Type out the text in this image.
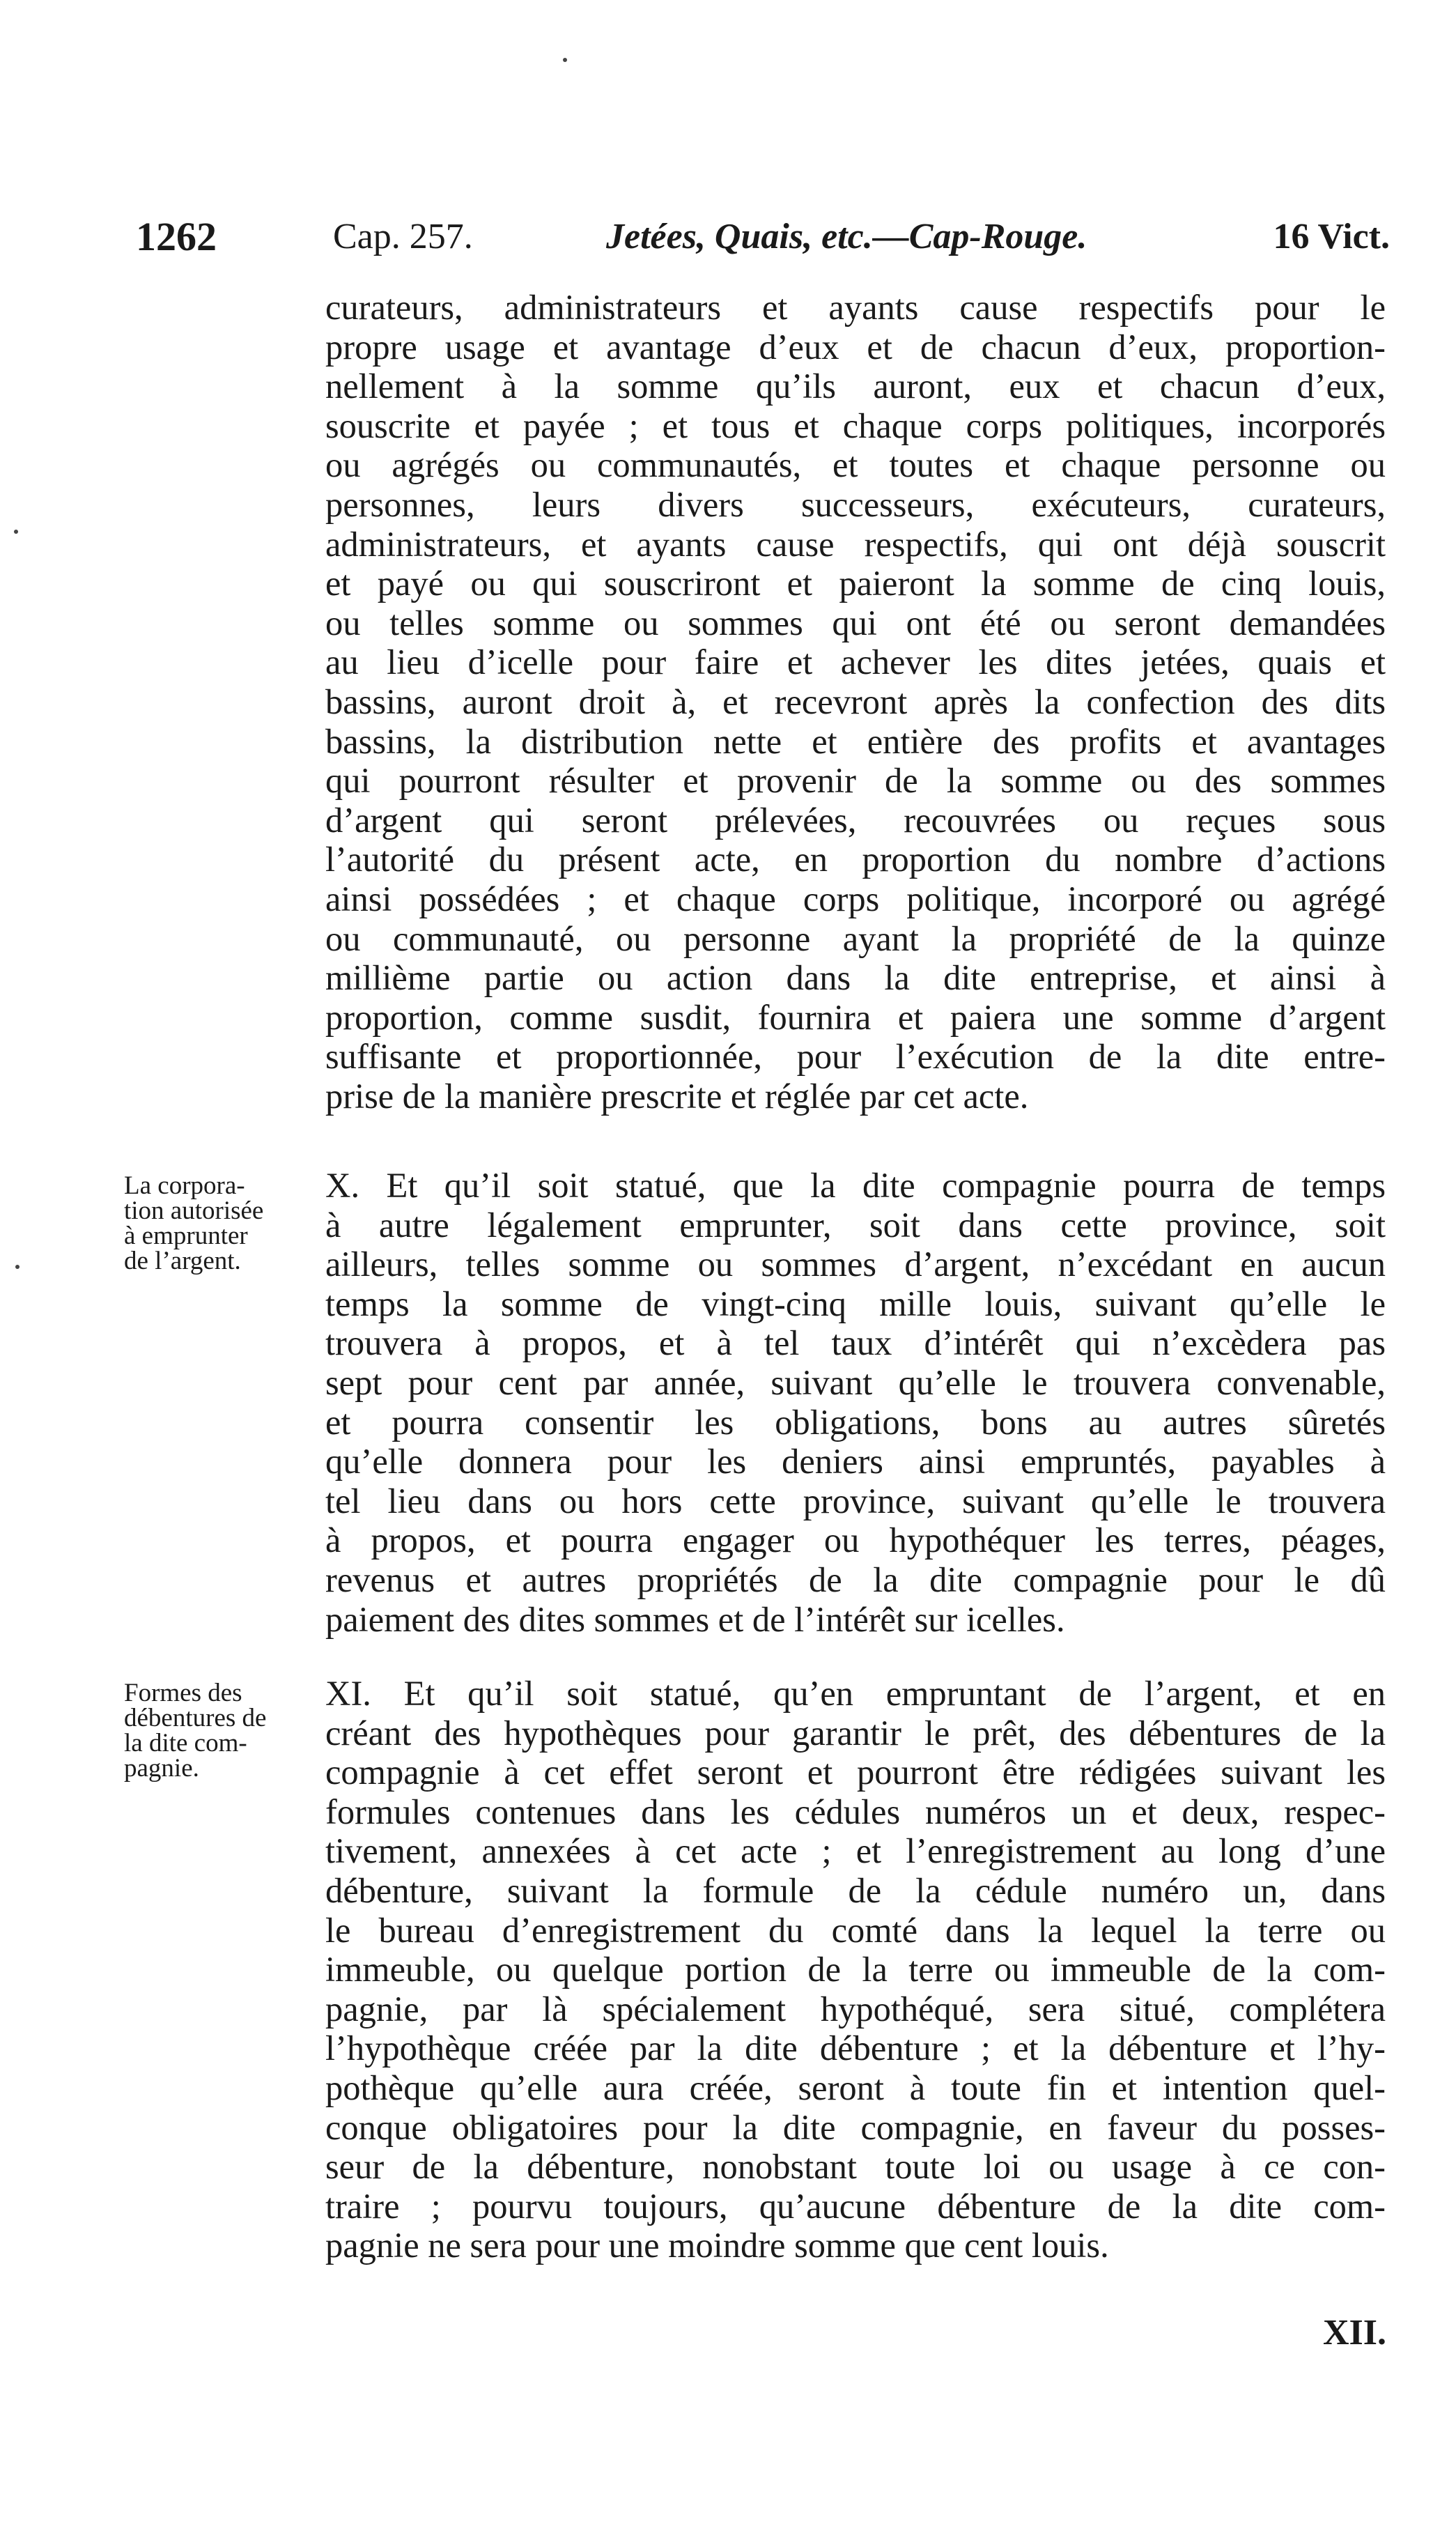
1262	Cap. 257.	Jetées, Quais, etc.—Cap-Rouge.	16 Vict.
curateurs, administrateurs et ayants cause respectifs pour le
propre usage et avantage d’eux et de chacun d’eux, proportion-
nellement à la somme qu’ils auront, eux et chacun d’eux,
souscrite et payée ; et tous et chaque corps politiques, incorporés
ou agrégés ou communautés, et toutes et chaque personne ou
personnes, leurs divers successeurs, exécuteurs, curateurs,
administrateurs, et ayants cause respectifs, qui ont déjà souscrit
et payé ou qui souscriront et paieront la somme de cinq louis,
ou telles somme ou sommes qui ont été ou seront demandées
au lieu d’icelle pour faire et achever les dites jetées, quais et
bassins, auront droit à, et recevront après la confection des dits
bassins, la distribution nette et entière des profits et avantages
qui pourront résulter et provenir de la somme ou des sommes
d’argent qui seront prélevées, recouvrées ou reçues sous
l’autorité du présent acte, en proportion du nombre d’actions
ainsi possédées ; et chaque corps politique, incorporé ou agrégé
ou communauté, ou personne ayant la propriété de la quinze
millième partie ou action dans la dite entreprise, et ainsi à
proportion, comme susdit, fournira et paiera une somme d’argent
suffisante et proportionnée, pour l’exécution de la dite entre-
prise de la manière prescrite et réglée par cet acte.
La corpora-
tion autorisée
à emprunter
de l’argent.
X. Et qu’il soit statué, que la dite compagnie pourra de temps
à autre légalement emprunter, soit dans cette province, soit
ailleurs, telles somme ou sommes d’argent, n’excédant en aucun
temps la somme de vingt-cinq mille louis, suivant qu’elle le
trouvera à propos, et à tel taux d’intérêt qui n’excèdera pas
sept pour cent par année, suivant qu’elle le trouvera convenable,
et pourra consentir les obligations, bons au autres sûretés
qu’elle donnera pour les deniers ainsi empruntés, payables à
tel lieu dans ou hors cette province, suivant qu’elle le trouvera
à propos, et pourra engager ou hypothéquer les terres, péages,
revenus et autres propriétés de la dite compagnie pour le dû
paiement des dites sommes et de l’intérêt sur icelles.
Formes des
débentures de
la dite com-
pagnie.
XI. Et qu’il soit statué, qu’en empruntant de l’argent, et en
créant des hypothèques pour garantir le prêt, des débentures de la
compagnie à cet effet seront et pourront être rédigées suivant les
formules contenues dans les cédules numéros un et deux, respec-
tivement, annexées à cet acte ; et l’enregistrement au long d’une
débenture, suivant la formule de la cédule numéro un, dans
le bureau d’enregistrement du comté dans la lequel la terre ou
immeuble, ou quelque portion de la terre ou immeuble de la com-
pagnie, par là spécialement hypothéqué, sera situé, complétera
l’hypothèque créée par la dite débenture ; et la débenture et l’hy-
pothèque qu’elle aura créée, seront à toute fin et intention quel-
conque obligatoires pour la dite compagnie, en faveur du posses-
seur de la débenture, nonobstant toute loi ou usage à ce con-
traire ; pourvu toujours, qu’aucune débenture de la dite com-
pagnie ne sera pour une moindre somme que cent louis.
XII.
